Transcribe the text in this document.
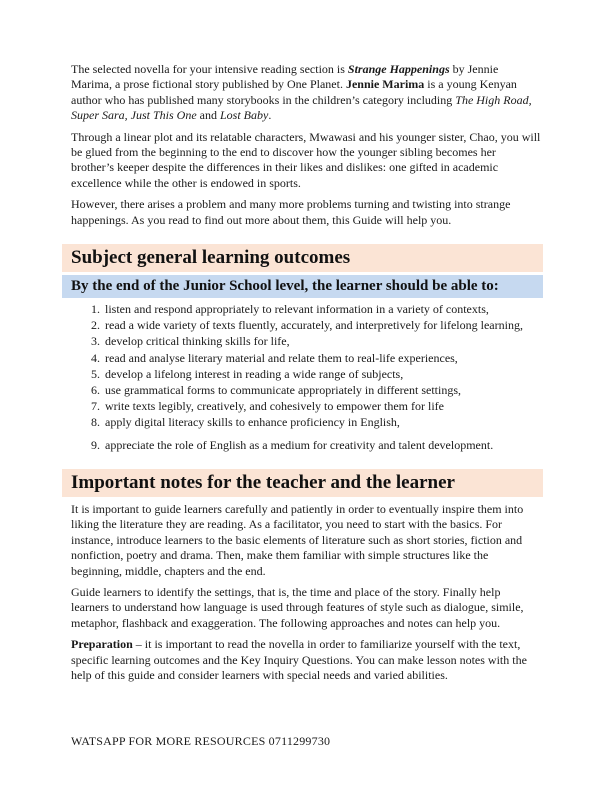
The selected novella for your intensive reading section is Strange Happenings by Jennie Marima, a prose fictional story published by One Planet. Jennie Marima is a young Kenyan author who has published many storybooks in the children’s category including The High Road, Super Sara, Just This One and Lost Baby.

Through a linear plot and its relatable characters, Mwawasi and his younger sister, Chao, you will be glued from the beginning to the end to discover how the younger sibling becomes her brother’s keeper despite the differences in their likes and dislikes: one gifted in academic excellence while the other is endowed in sports.

However, there arises a problem and many more problems turning and twisting into strange happenings. As you read to find out more about them, this Guide will help you.

Subject general learning outcomes
By the end of the Junior School level, the learner should be able to:
1. listen and respond appropriately to relevant information in a variety of contexts,
2. read a wide variety of texts fluently, accurately, and interpretively for lifelong learning,
3. develop critical thinking skills for life,
4. read and analyse literary material and relate them to real-life experiences,
5. develop a lifelong interest in reading a wide range of subjects,
6. use grammatical forms to communicate appropriately in different settings,
7. write texts legibly, creatively, and cohesively to empower them for life
8. apply digital literacy skills to enhance proficiency in English,
9. appreciate the role of English as a medium for creativity and talent development.
Important notes for the teacher and the learner

It is important to guide learners carefully and patiently in order to eventually inspire them into liking the literature they are reading. As a facilitator, you need to start with the basics. For instance, introduce learners to the basic elements of literature such as short stories, fiction and nonfiction, poetry and drama. Then, make them familiar with simple structures like the beginning, middle, chapters and the end.

Guide learners to identify the settings, that is, the time and place of the story. Finally help learners to understand how language is used through features of style such as dialogue, simile, metaphor, flashback and exaggeration. The following approaches and notes can help you.

Preparation – it is important to read the novella in order to familiarize yourself with the text, specific learning outcomes and the Key Inquiry Questions. You can make lesson notes with the help of this guide and consider learners with special needs and varied abilities.

WATSAPP FOR MORE RESOURCES 0711299730
